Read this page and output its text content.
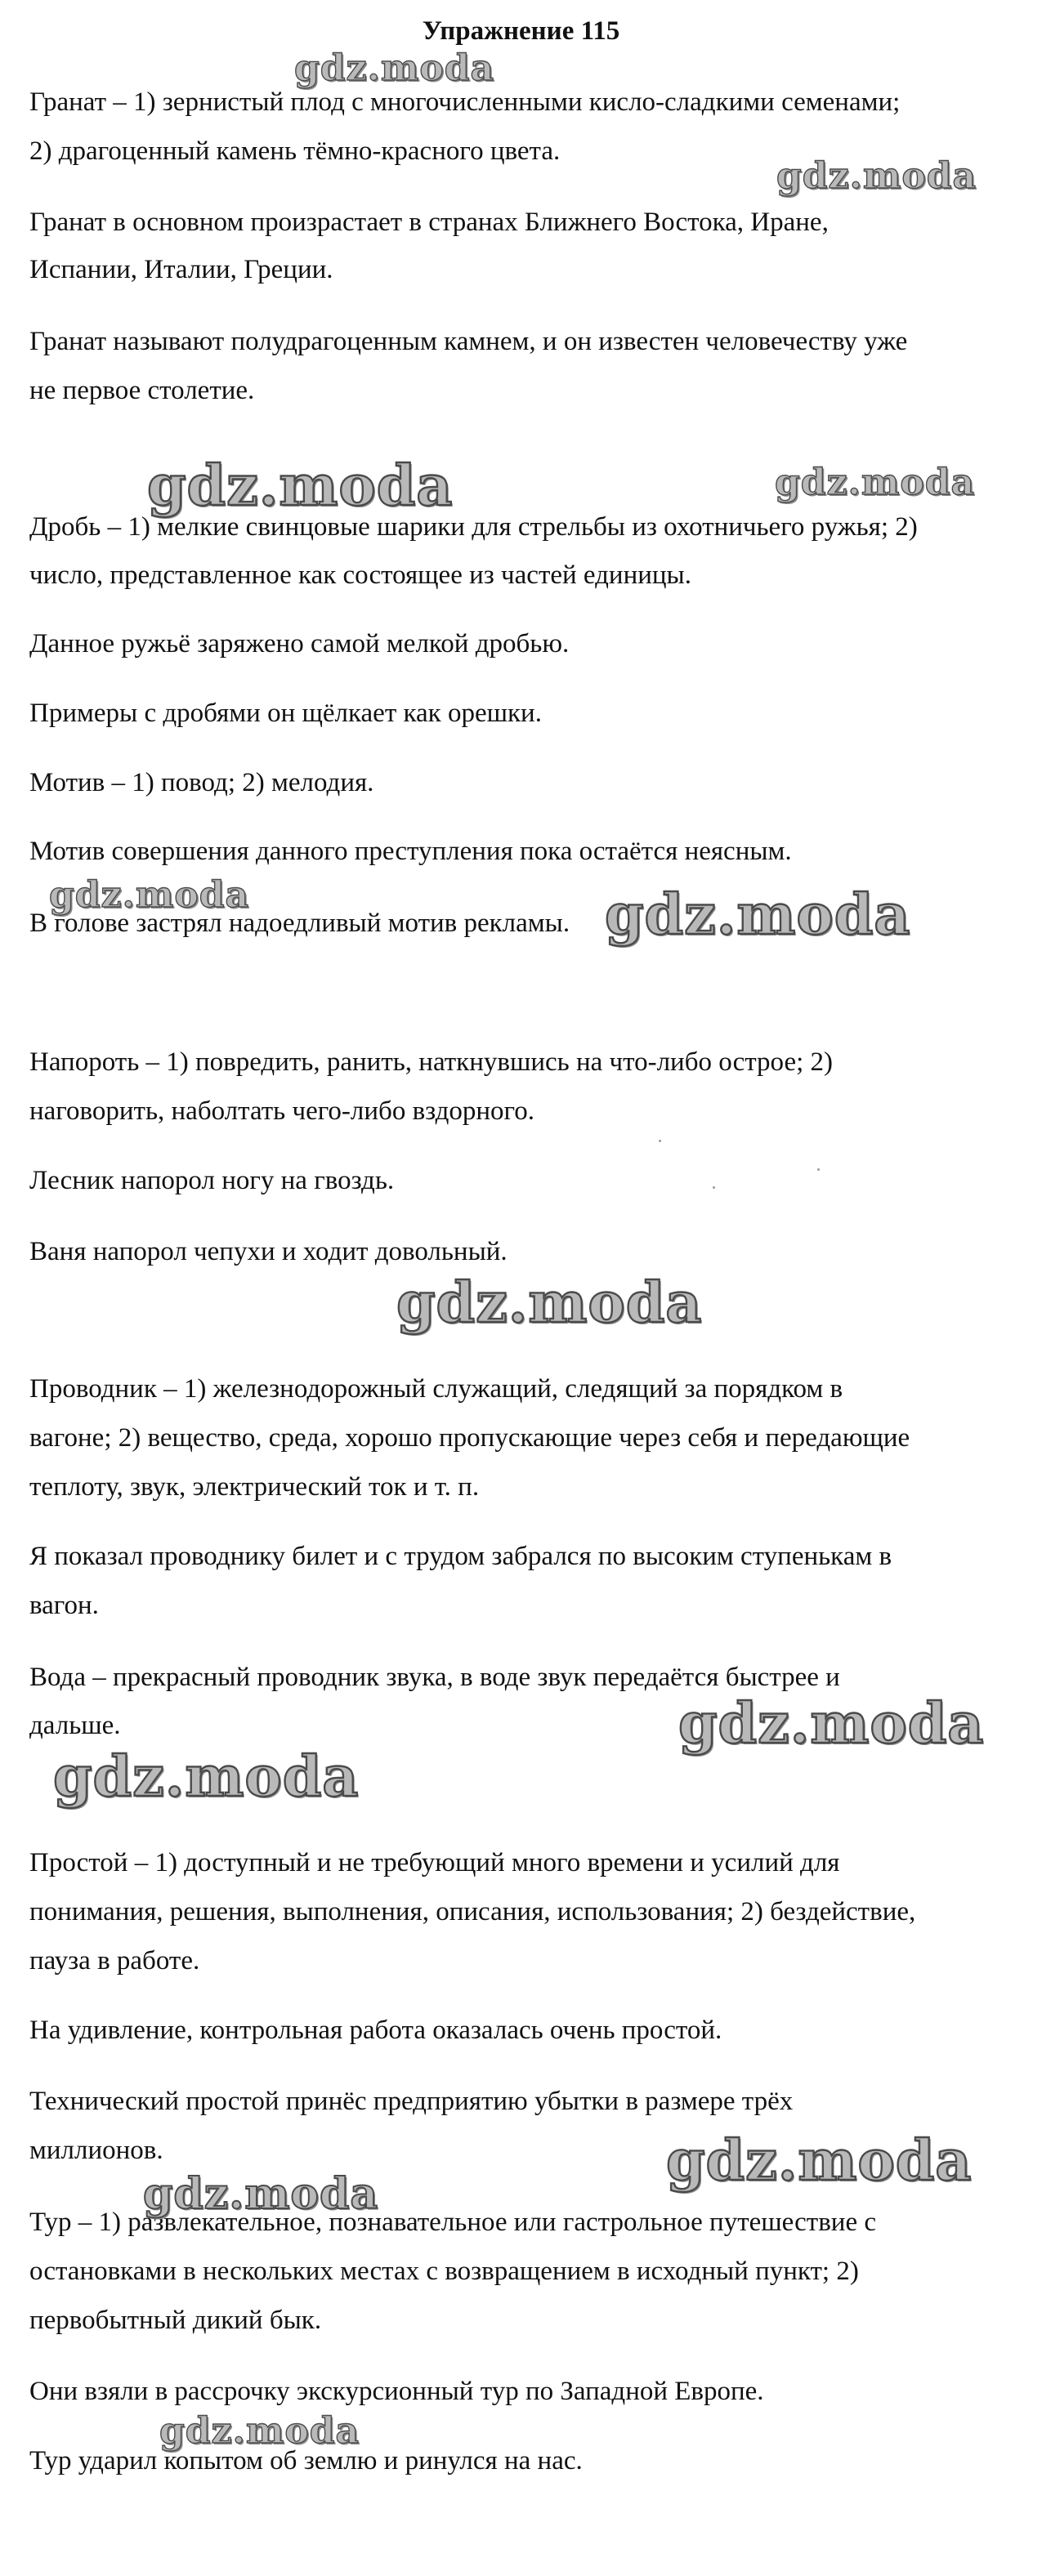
Упражнение 115
Гранат – 1) зернистый плод с многочисленными кисло-сладкими семенами;
2) драгоценный камень тёмно-красного цвета.
Гранат в основном произрастает в странах Ближнего Востока, Иране,
Испании, Италии, Греции.
Гранат называют полудрагоценным камнем, и он известен человечеству уже
не первое столетие.
Дробь – 1) мелкие свинцовые шарики для стрельбы из охотничьего ружья; 2)
число, представленное как состоящее из частей единицы.
Данное ружьё заряжено самой мелкой дробью.
Примеры с дробями он щёлкает как орешки.
Мотив – 1) повод; 2) мелодия.
Мотив совершения данного преступления пока остаётся неясным.
В голове застрял надоедливый мотив рекламы.
Напороть – 1) повредить, ранить, наткнувшись на что-либо острое; 2)
наговорить, наболтать чего-либо вздорного.
Лесник напорол ногу на гвоздь.
Ваня напорол чепухи и ходит довольный.
Проводник – 1) железнодорожный служащий, следящий за порядком в
вагоне; 2) вещество, среда, хорошо пропускающие через себя и передающие
теплоту, звук, электрический ток и т. п.
Я показал проводнику билет и с трудом забрался по высоким ступенькам в
вагон.
Вода – прекрасный проводник звука, в воде звук передаётся быстрее и
дальше.
Простой – 1) доступный и не требующий много времени и усилий для
понимания, решения, выполнения, описания, использования; 2) бездействие,
пауза в работе.
На удивление, контрольная работа оказалась очень простой.
Технический простой принёс предприятию убытки в размере трёх
миллионов.
Тур – 1) развлекательное, познавательное или гастрольное путешествие с
остановками в нескольких местах с возвращением в исходный пункт; 2)
первобытный дикий бык.
Они взяли в рассрочку экскурсионный тур по Западной Европе.
Тур ударил копытом об землю и ринулся на нас.
gdz.moda
gdz.moda
gdz.moda	gdz.moda
gdz.moda	gdz.moda
gdz.moda
gdz.moda
gdz.moda
gdz.moda
gdz.moda
gdz.moda
